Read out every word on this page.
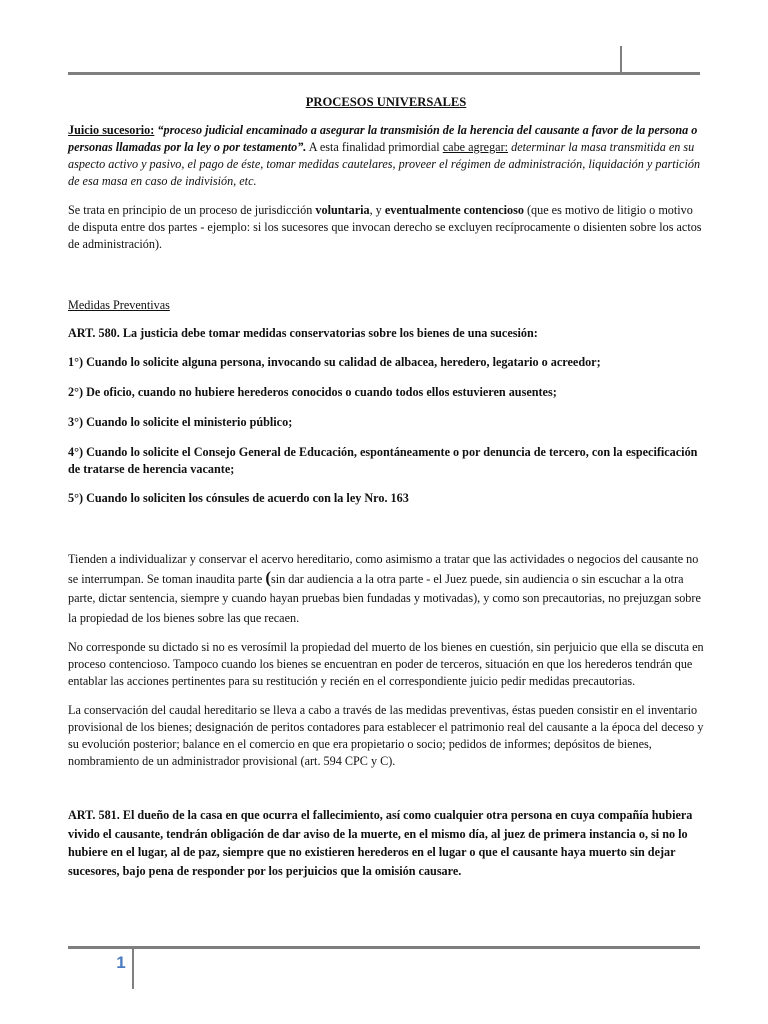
PROCESOS UNIVERSALES

Juicio sucesorio: “proceso judicial encaminado a asegurar la transmisión de la herencia del causante a favor de la persona o personas llamadas por la ley o por testamento”. A esta finalidad primordial cabe agregar: determinar la masa transmitida en su aspecto activo y pasivo, el pago de éste, tomar medidas cautelares, proveer el régimen de administración, liquidación y partición de esa masa en caso de indivisión, etc.

Se trata en principio de un proceso de jurisdicción voluntaria, y eventualmente contencioso (que es motivo de litigio o motivo de disputa entre dos partes - ejemplo: si los sucesores que invocan derecho se excluyen recíprocamente o disienten sobre los actos de administración).

Medidas Preventivas

ART. 580. La justicia debe tomar medidas conservatorias sobre los bienes de una sucesión:

1°) Cuando lo solicite alguna persona, invocando su calidad de albacea, heredero, legatario o acreedor;

2°) De oficio, cuando no hubiere herederos conocidos o cuando todos ellos estuvieren ausentes;

3°) Cuando lo solicite el ministerio público;

4°) Cuando lo solicite el Consejo General de Educación, espontáneamente o por denuncia de tercero, con la especificación de tratarse de herencia vacante;

5°) Cuando lo soliciten los cónsules de acuerdo con la ley Nro. 163

Tienden a individualizar y conservar el acervo hereditario, como asimismo a tratar que las actividades o negocios del causante no se interrumpan. Se toman inaudita parte (sin dar audiencia a la otra parte - el Juez puede, sin audiencia o sin escuchar a la otra parte, dictar sentencia, siempre y cuando hayan pruebas bien fundadas y motivadas), y como son precautorias, no prejuzgan sobre la propiedad de los bienes sobre las que recaen.

No corresponde su dictado si no es verosímil la propiedad del muerto de los bienes en cuestión, sin perjuicio que ella se discuta en proceso contencioso. Tampoco cuando los bienes se encuentran en poder de terceros, situación en que los herederos tendrán que entablar las acciones pertinentes para su restitución y recién en el correspondiente juicio pedir medidas precautorias.

La conservación del caudal hereditario se lleva a cabo a través de las medidas preventivas, éstas pueden consistir en el inventario provisional de los bienes; designación de peritos contadores para establecer el patrimonio real del causante a la época del deceso y su evolución posterior; balance en el comercio en que era propietario o socio; pedidos de informes; depósitos de bienes, nombramiento de un administrador provisional (art. 594 CPC y C).

ART. 581. El dueño de la casa en que ocurra el fallecimiento, así como cualquier otra persona en cuya compañía hubiera vivido el causante, tendrán obligación de dar aviso de la muerte, en el mismo día, al juez de primera instancia o, si no lo hubiere en el lugar, al de paz, siempre que no existieren herederos en el lugar o que el causante haya muerto sin dejar sucesores, bajo pena de responder por los perjuicios que la omisión causare.

1
